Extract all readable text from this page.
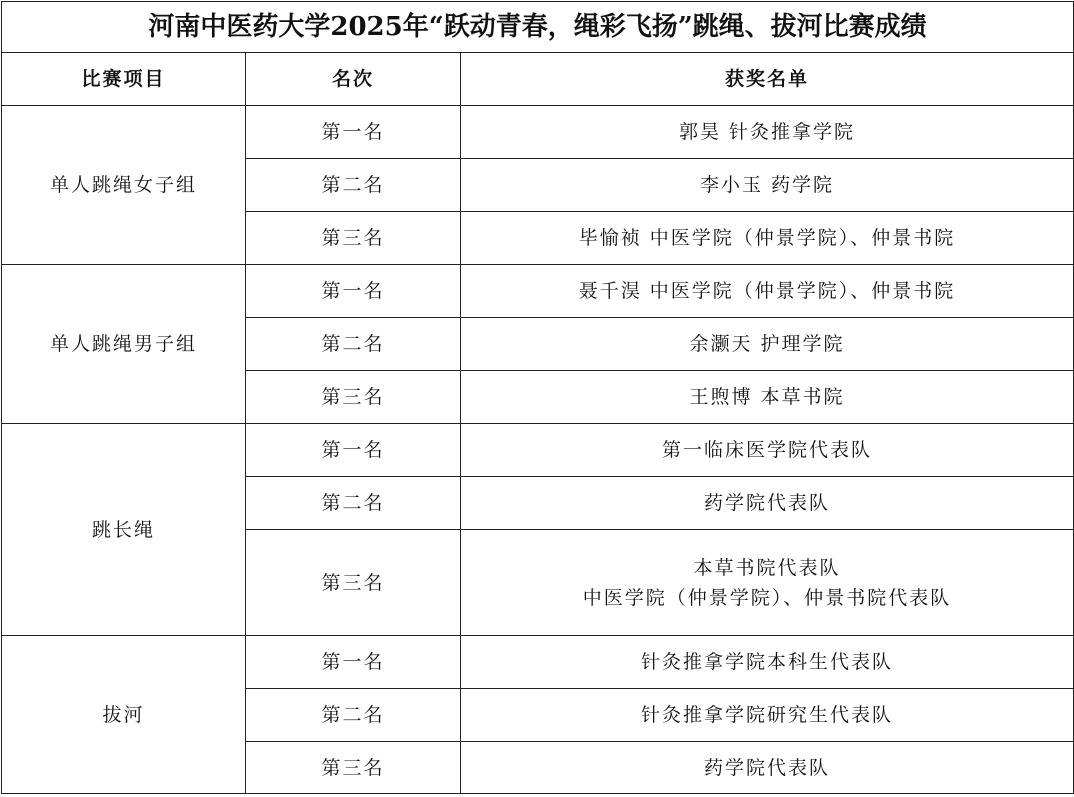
河南中医药大学2025年“跃动青春，绳彩飞扬”跳绳、拔河比赛成绩		
比赛项目	名次	获奖名单
单人跳绳女子组	第一名	郭昊 针灸推拿学院
	第二名	李小玉 药学院
	第三名	毕愉祯 中医学院（仲景学院）、仲景书院
单人跳绳男子组	第一名	聂千淏 中医学院（仲景学院）、仲景书院
	第二名	余灏天 护理学院
	第三名	王煦博 本草书院
跳长绳	第一名	第一临床医学院代表队
	第二名	药学院代表队
	第三名	本草书院代表队
中医学院（仲景学院）、仲景书院代表队

拔河	第一名	针灸推拿学院本科生代表队
	第二名	针灸推拿学院研究生代表队
	第三名	药学院代表队
